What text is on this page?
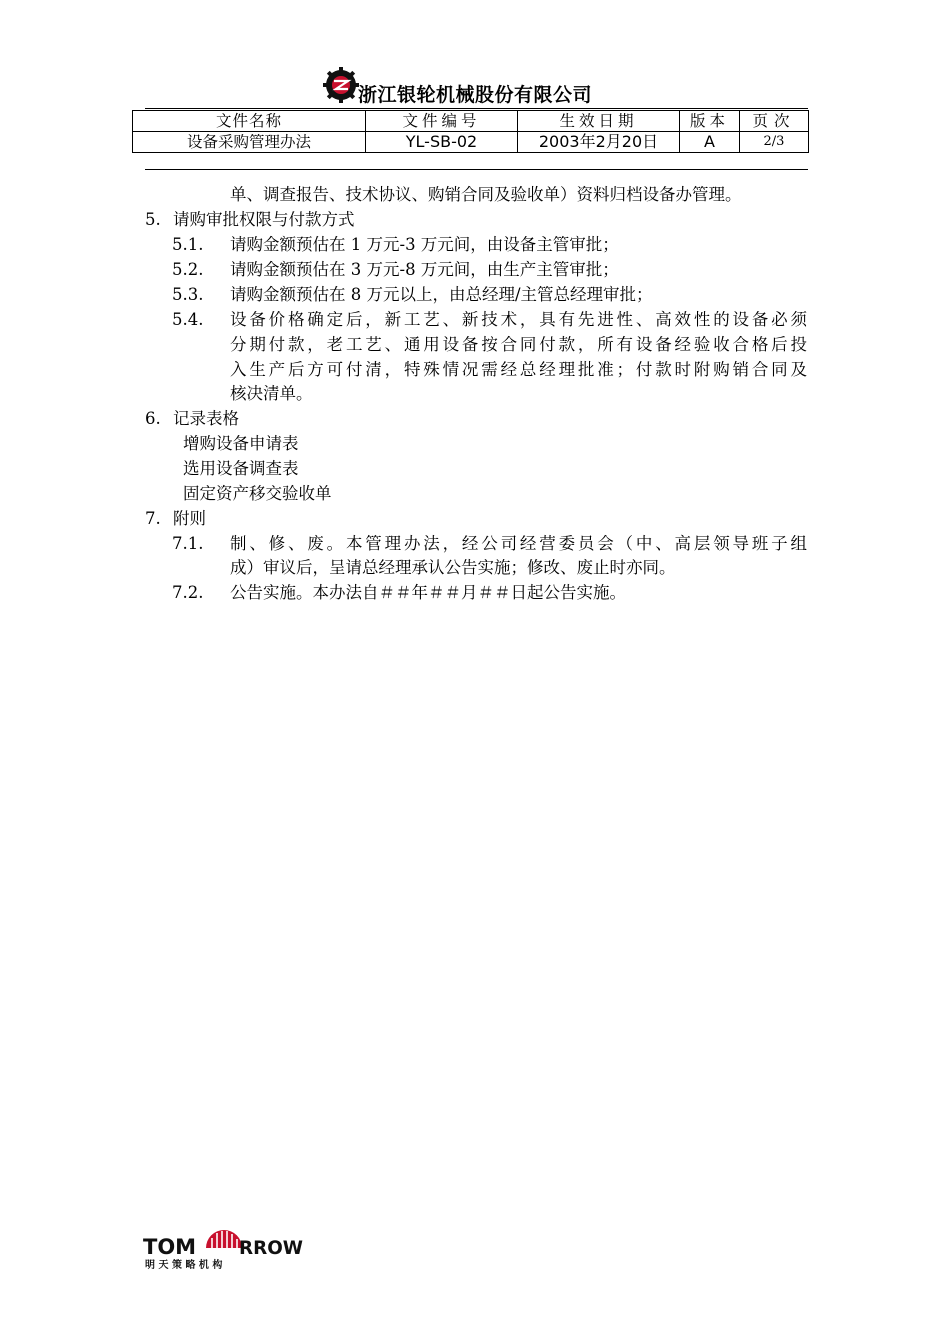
浙江银轮机械股份有限公司
文件名称	文件编号	生效日期	版本	页次
设备采购管理办法	YL-SB-02	2003年2月20日	A	2/3
单、调查报告、技术协议、购销合同及验收单）资料归档设备办管理。
5. 请购审批权限与付款方式
5.1. 请购金额预估在 1 万元-3 万元间，由设备主管审批；
5.2. 请购金额预估在 3 万元-8 万元间，由生产主管审批；
5.3. 请购金额预估在 8 万元以上，由总经理/主管总经理审批；
5.4. 设备价格确定后，新工艺、新技术，具有先进性、高效性的设备必须
分期付款，老工艺、通用设备按合同付款，所有设备经验收合格后投
入生产后方可付清，特殊情况需经总经理批准；付款时附购销合同及
核决清单。
6. 记录表格
增购设备申请表
选用设备调查表
固定资产移交验收单
7. 附则
7.1. 制、修、废。本管理办法，经公司经营委员会（中、高层领导班子组
成）审议后，呈请总经理承认公告实施；修改、废止时亦同。
7.2. 公告实施。本办法自＃＃年＃＃月＃＃日起公告实施。
TOM RROW
明 天 策 略 机 构
